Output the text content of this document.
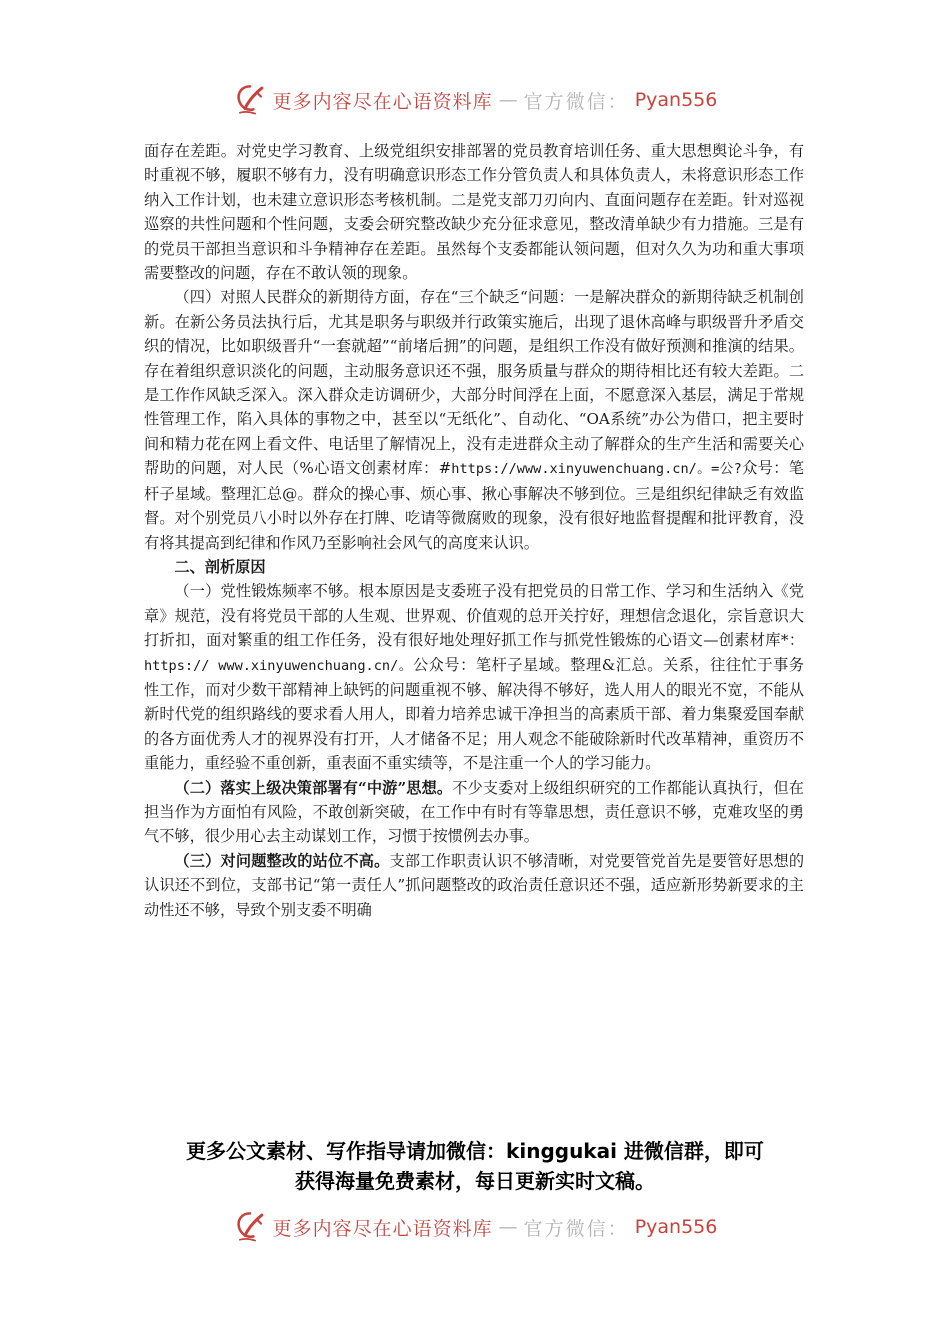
更多内容尽在心语资料库 — 官方微信： Pyan556

面存在差距。对党史学习教育、上级党组织安排部署的党员教育培训任务、重大思想舆论斗争，有时重视不够，履职不够有力，没有明确意识形态工作分管负责人和具体负责人，未将意识形态工作纳入工作计划，也未建立意识形态考核机制。二是党支部刀刃向内、直面问题存在差距。针对巡视巡察的共性问题和个性问题，支委会研究整改缺少充分征求意见，整改清单缺少有力措施。三是有的党员干部担当意识和斗争精神存在差距。虽然每个支委都能认领问题，但对久久为功和重大事项需要整改的问题，存在不敢认领的现象。

（四）对照人民群众的新期待方面，存在“三个缺乏“问题：一是解决群众的新期待缺乏机制创新。在新公务员法执行后，尤其是职务与职级并行政策实施后，出现了退休高峰与职级晋升矛盾交织的情况，比如职级晋升“一套就超”“前堵后拥”的问题，是组织工作没有做好预测和推演的结果。存在着组织意识淡化的问题，主动服务意识还不强，服务质量与群众的期待相比还有较大差距。二是工作作风缺乏深入。深入群众走访调研少，大部分时间浮在上面，不愿意深入基层，满足于常规性管理工作，陷入具体的事物之中，甚至以“无纸化”、自动化、“OA系统”办公为借口，把主要时间和精力花在网上看文件、电话里了解情况上，没有走进群众主动了解群众的生产生活和需要关心帮助的问题，对人民（%心语文创素材库：#https://www.xinyuwenchuang.cn/。=公?众号：笔杆子星域。整理汇总@。群众的操心事、烦心事、揪心事解决不够到位。三是组织纪律缺乏有效监督。对个别党员八小时以外存在打牌、吃请等微腐败的现象，没有很好地监督提醒和批评教育，没有将其提高到纪律和作风乃至影响社会风气的高度来认识。

二、剖析原因

（一）党性锻炼频率不够。根本原因是支委班子没有把党员的日常工作、学习和生活纳入《党章》规范，没有将党员干部的人生观、世界观、价值观的总开关拧好，理想信念退化，宗旨意识大打折扣，面对繁重的组工作任务，没有很好地处理好抓工作与抓党性锻炼的心语文—创素材库*：https:// www.xinyuwenchuang.cn/。公众号：笔杆子星域。整理&汇总。关系，往往忙于事务性工作，而对少数干部精神上缺钙的问题重视不够、解决得不够好，选人用人的眼光不宽，不能从新时代党的组织路线的要求看人用人，即着力培养忠诚干净担当的高素质干部、着力集聚爱国奉献的各方面优秀人才的视界没有打开，人才储备不足；用人观念不能破除新时代改革精神，重资历不重能力，重经验不重创新，重表面不重实绩等，不是注重一个人的学习能力。

（二）落实上级决策部署有“中游”思想。不少支委对上级组织研究的工作都能认真执行，但在担当作为方面怕有风险，不敢创新突破，在工作中有时有等靠思想，责任意识不够，克难攻坚的勇气不够，很少用心去主动谋划工作，习惯于按惯例去办事。

（三）对问题整改的站位不高。支部工作职责认识不够清晰，对党要管党首先是要管好思想的认识还不到位，支部书记“第一责任人”抓问题整改的政治责任意识还不强，适应新形势新要求的主动性还不够，导致个别支委不明确

更多公文素材、写作指导请加微信：kinggukai 进微信群，即可
获得海量免费素材，每日更新实时文稿。
更多内容尽在心语资料库 — 官方微信： Pyan556
